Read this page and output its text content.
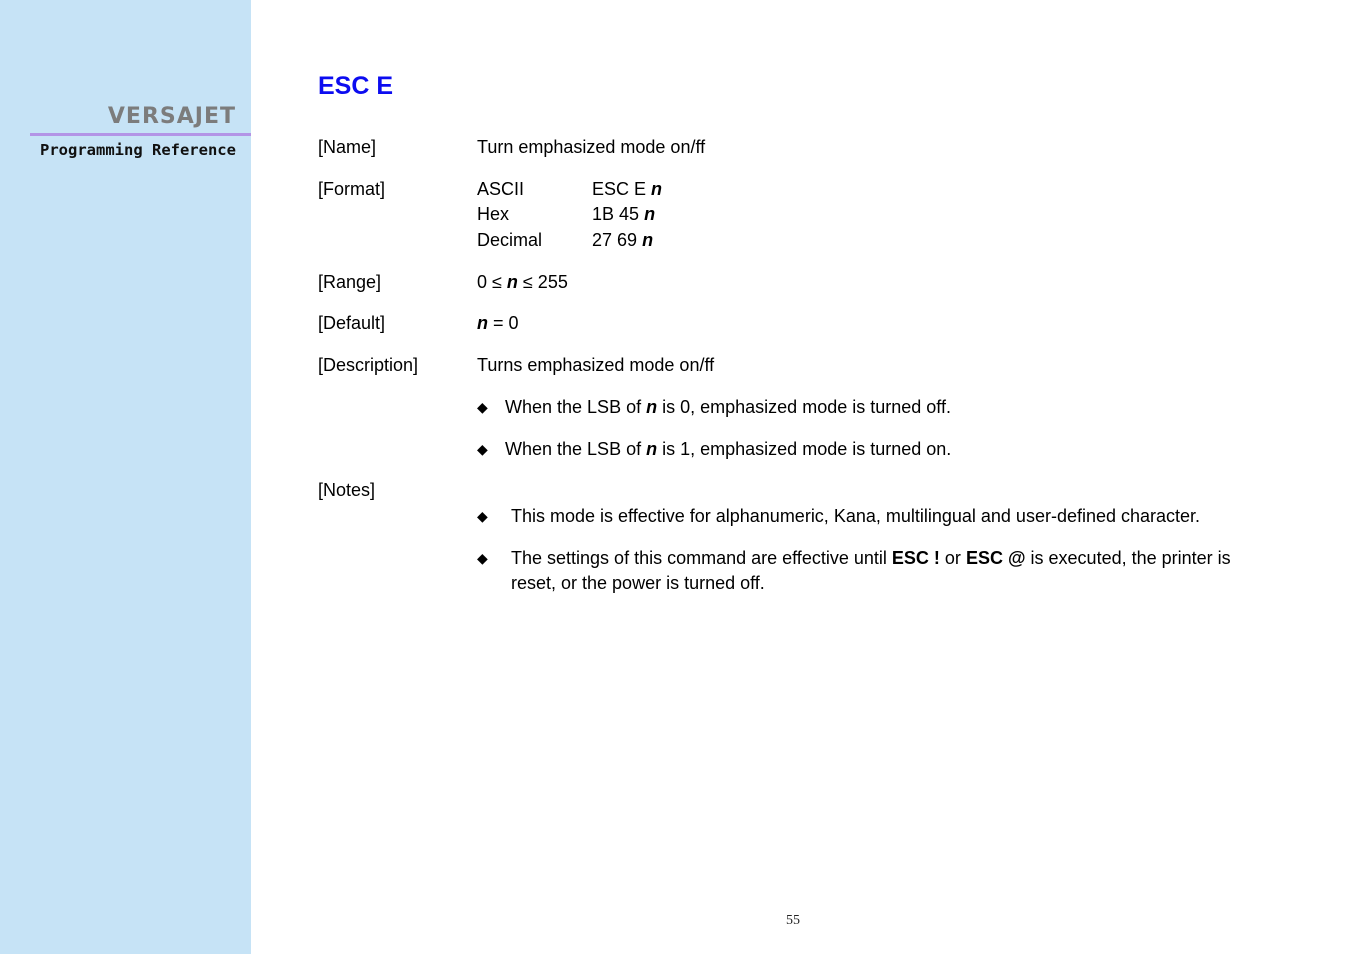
VERSAJET
Programming Reference
ESC E
[Name]	Turn emphasized mode on/ff
[Format]	ASCII	ESC E n
Hex	1B 45 n
Decimal	27 69 n
[Range]	0 ≤ n ≤ 255
[Default]	n = 0
[Description]	Turns emphasized mode on/ff
◆ When the LSB of n is 0, emphasized mode is turned off.
◆ When the LSB of n is 1, emphasized mode is turned on.
[Notes]
◆ This mode is effective for alphanumeric, Kana, multilingual and user-defined character.
◆ The settings of this command are effective until ESC ! or ESC @ is executed, the printer is reset, or the power is turned off.
55
